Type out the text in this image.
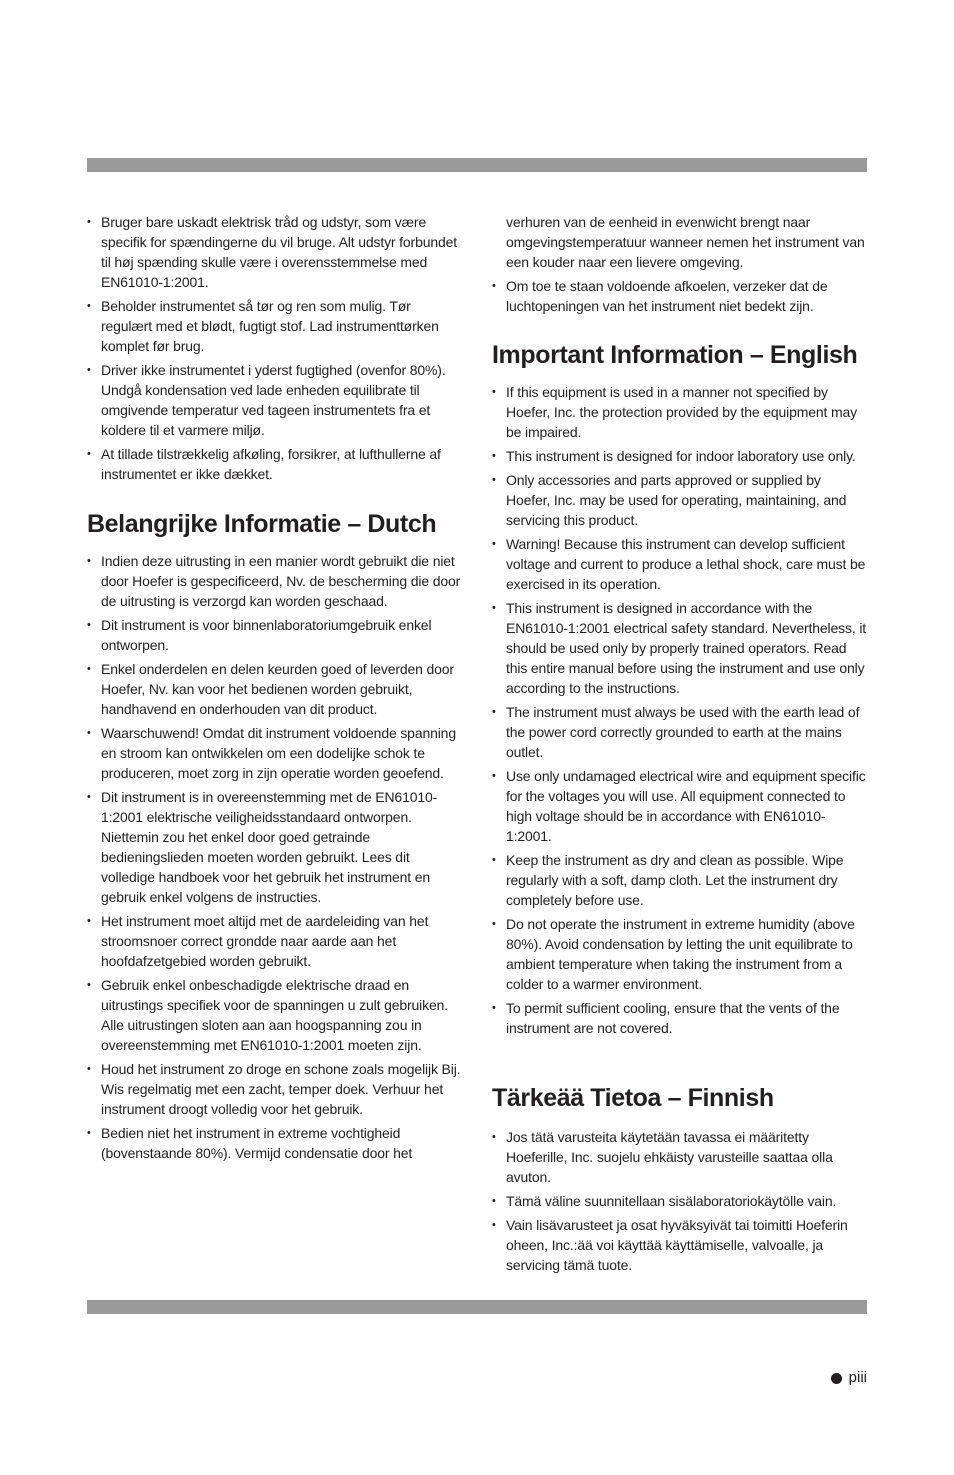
• Bruger bare uskadt elektrisk tråd og udstyr, som være specifik for spændingerne du vil bruge. Alt udstyr forbundet til høj spænding skulle være i overensstemmelse med EN61010-1:2001.
• Beholder instrumentet så tør og ren som mulig. Tør regulært med et blødt, fugtigt stof. Lad instrumenttørken komplet før brug.
• Driver ikke instrumentet i yderst fugtighed (ovenfor 80%). Undgå kondensation ved lade enheden equilibrate til omgivende temperatur ved tageen instrumentets fra et koldere til et varmere miljø.
• At tillade tilstrækkelig afkøling, forsikrer, at lufthullerne af instrumentet er ikke dækket.
Belangrijke Informatie – Dutch
• Indien deze uitrusting in een manier wordt gebruikt die niet door Hoefer is gespecificeerd, Nv. de bescherming die door de uitrusting is verzorgd kan worden geschaad.
• Dit instrument is voor binnenlaboratoriumgebruik enkel ontworpen.
• Enkel onderdelen en delen keurden goed of leverden door Hoefer, Nv. kan voor het bedienen worden gebruikt, handhavend en onderhouden van dit product.
• Waarschuwend! Omdat dit instrument voldoende spanning en stroom kan ontwikkelen om een dodelijke schok te produceren, moet zorg in zijn operatie worden geoefend.
• Dit instrument is in overeenstemming met de EN61010-1:2001 elektrische veiligheidsstandaard ontworpen. Niettemin zou het enkel door goed getrainde bedieningslieden moeten worden gebruikt. Lees dit volledige handboek voor het gebruik het instrument en gebruik enkel volgens de instructies.
• Het instrument moet altijd met de aardeleiding van het stroomsnoer correct grondde naar aarde aan het hoofdafzetgebied worden gebruikt.
• Gebruik enkel onbeschadigde elektrische draad en uitrustings specifiek voor de spanningen u zult gebruiken. Alle uitrustingen sloten aan aan hoogspanning zou in overeenstemming met EN61010-1:2001 moeten zijn.
• Houd het instrument zo droge en schone zoals mogelijk Bij. Wis regelmatig met een zacht, temper doek. Verhuur het instrument droogt volledig voor het gebruik.
• Bedien niet het instrument in extreme vochtigheid (bovenstaande 80%). Vermijd condensatie door het
verhuren van de eenheid in evenwicht brengt naar omgevingstemperatuur wanneer nemen het instrument van een kouder naar een lievere omgeving.
• Om toe te staan voldoende afkoelen, verzeker dat de luchtopeningen van het instrument niet bedekt zijn.
Important Information – English
• If this equipment is used in a manner not specified by Hoefer, Inc. the protection provided by the equipment may be impaired.
• This instrument is designed for indoor laboratory use only.
• Only accessories and parts approved or supplied by Hoefer, Inc. may be used for operating, maintaining, and servicing this product.
• Warning! Because this instrument can develop sufficient voltage and current to produce a lethal shock, care must be exercised in its operation.
• This instrument is designed in accordance with the EN61010-1:2001 electrical safety standard. Nevertheless, it should be used only by properly trained operators. Read this entire manual before using the instrument and use only according to the instructions.
• The instrument must always be used with the earth lead of the power cord correctly grounded to earth at the mains outlet.
• Use only undamaged electrical wire and equipment specific for the voltages you will use. All equipment connected to high voltage should be in accordance with EN61010-1:2001.
• Keep the instrument as dry and clean as possible. Wipe regularly with a soft, damp cloth. Let the instrument dry completely before use.
• Do not operate the instrument in extreme humidity (above 80%). Avoid condensation by letting the unit equilibrate to ambient temperature when taking the instrument from a colder to a warmer environment.
• To permit sufficient cooling, ensure that the vents of the instrument are not covered.
Tärkeää Tietoa – Finnish
• Jos tätä varusteita käytetään tavassa ei määritetty Hoeferille, Inc. suojelu ehkäisty varusteille saattaa olla avuton.
• Tämä väline suunnitellaan sisälaboratoriokäytölle vain.
• Vain lisävarusteet ja osat hyväksyivät tai toimitti Hoeferin oheen, Inc.:ää voi käyttää käyttämiselle, valvoalle, ja servicing tämä tuote.
piii
